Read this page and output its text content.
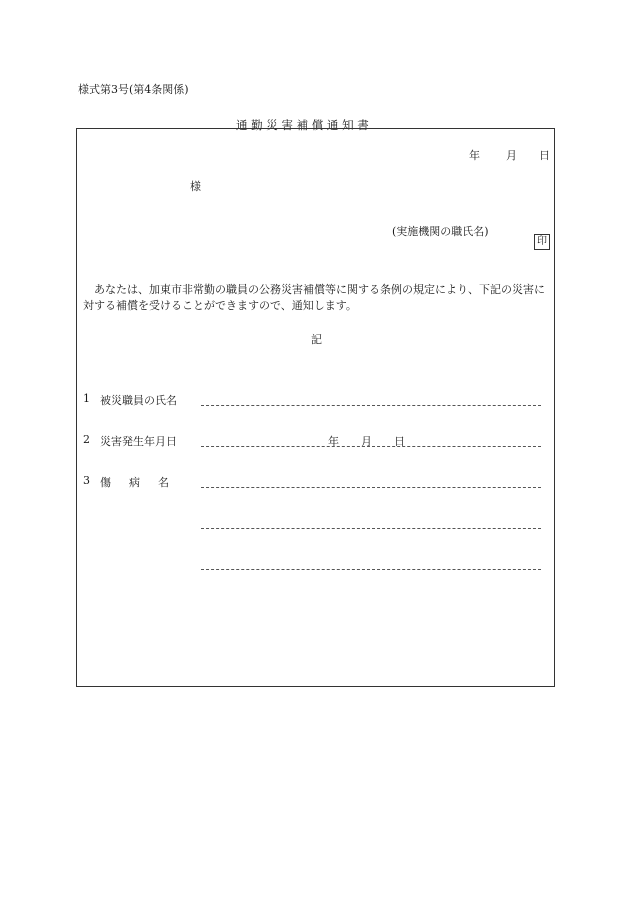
様式第3号(第4条関係)
通 勤 災 害 補 償 通 知 書
年 月 日
様
(実施機関の職氏名)
印
あなたは、加東市非常勤の職員の公務災害補償等に関する条例の規定により、下記の災害に対する補償を受けることができますので、通知します。
記
1 被災職員の氏名
2 災害発生年月日	年　　月　　日
3 傷病名
